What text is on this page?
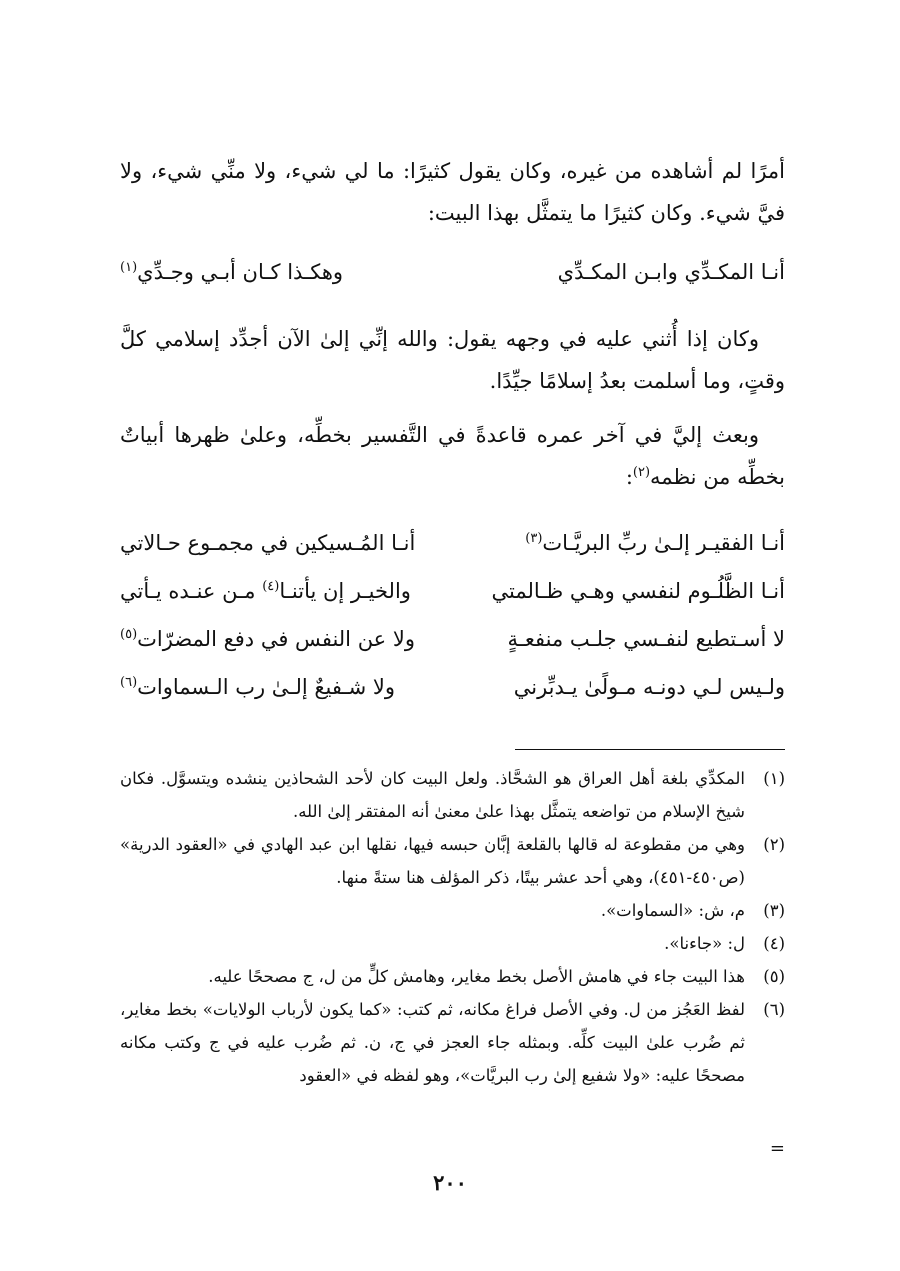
أمرًا لم أشاهده من غيره، وكان يقول كثيرًا: ما لي شيء، ولا منِّي شيء، ولا فيَّ شيء. وكان كثيرًا ما يتمثَّل بهذا البيت:

أنـا المكـدِّي وابـن المكـدِّي
وهكـذا كـان أبـي وجـدِّي$^{(١)}$

وكان إذا أُثني عليه في وجهه يقول: والله إنِّي إلىٰ الآن أجدِّد إسلامي كلَّ وقتٍ، وما أسلمت بعدُ إسلامًا جيِّدًا.

وبعث إليَّ في آخر عمره قاعدةً في التَّفسير بخطِّه، وعلىٰ ظهرها أبياتٌ بخطِّه من نظمه$^{(٢)}$:

أنـا الفقيـر إلـىٰ ربِّ البريَّـات$^{(٣)}$
أنـا المُـسيكين في مجمـوع حـالاتي
أنـا الظَّلُـوم لنفسي وهـي ظـالمتي
والخيـر إن يأتنـا$^{(٤)}$ مـن عنـده يـأتي
لا أسـتطيع لنفـسي جلـب منفعـةٍ
ولا عن النفس في دفع المضرّات$^{(٥)}$
ولـيس لـي دونـه مـولًىٰ يـدبِّرني
ولا شـفيعٌ إلـىٰ رب الـسماوات$^{(٦)}$
(١)
المكدِّي بلغة أهل العراق هو الشحَّاذ. ولعل البيت كان لأحد الشحاذين ينشده ويتسوَّل. فكان شيخ الإسلام من تواضعه يتمثَّل بهذا علىٰ معنىٰ أنه المفتقر إلىٰ الله.
(٢)
وهي من مقطوعة له قالها بالقلعة إبَّان حبسه فيها، نقلها ابن عبد الهادي في «العقود الدرية» (ص٤٥٠-٤٥١)، وهي أحد عشر بيتًا، ذكر المؤلف هنا ستةً منها.
(٣)
م، ش: «السماوات».
(٤)
ل: «جاءنا».
(٥)
هذا البيت جاء في هامش الأصل بخط مغاير، وهامش كلٍّ من ل، ج مصححًا عليه.
(٦)
لفظ العَجُز من ل. وفي الأصل فراغ مكانه، ثم كتب: «كما يكون لأرباب الولايات» بخط مغاير، ثم ضُرب علىٰ البيت كلِّه. وبمثله جاء العجز في ج، ن. ثم ضُرب عليه في ج وكتب مكانه مصححًا عليه: «ولا شفيع إلىٰ رب البريَّات»، وهو لفظه في «العقود
=
٢٠٠
